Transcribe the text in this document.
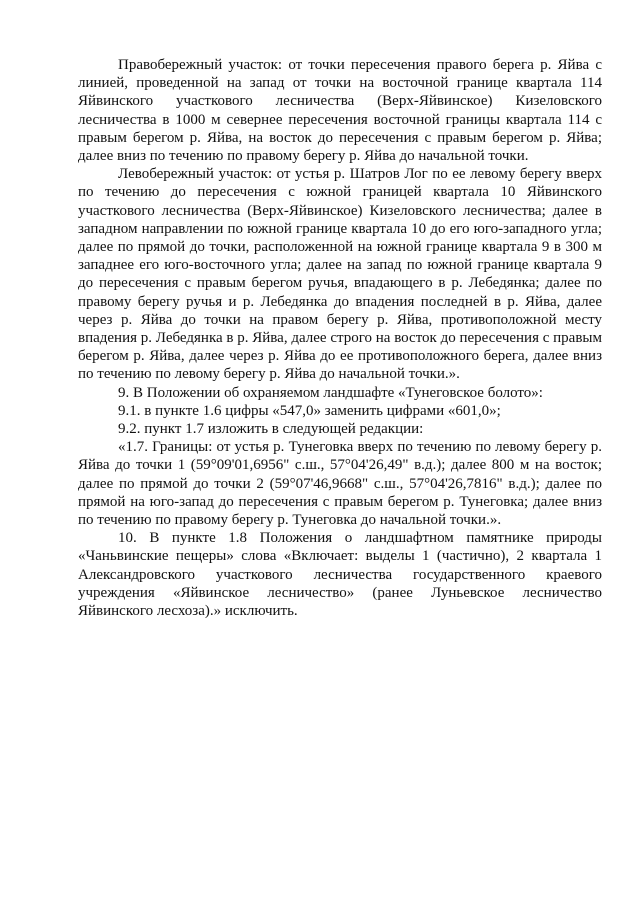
Правобережный участок: от точки пересечения правого берега р. Яйва с линией, проведенной на запад от точки на восточной границе квартала 114 Яйвинского участкового лесничества (Верх-Яйвинское) Кизеловского лесничества в 1000 м севернее пересечения восточной границы квартала 114 с правым берегом р. Яйва, на восток до пересечения с правым берегом р. Яйва; далее вниз по течению по правому берегу р. Яйва до начальной точки.

Левобережный участок: от устья р. Шатров Лог по ее левому берегу вверх по течению до пересечения с южной границей квартала 10 Яйвинского участкового лесничества (Верх-Яйвинское) Кизеловского лесничества; далее в западном направлении по южной границе квартала 10 до его юго-западного угла; далее по прямой до точки, расположенной на южной границе квартала 9 в 300 м западнее его юго-восточного угла; далее на запад по южной границе квартала 9 до пересечения с правым берегом ручья, впадающего в р. Лебедянка; далее по правому берегу ручья и р. Лебедянка до впадения последней в р. Яйва, далее через р. Яйва до точки на правом берегу р. Яйва, противоположной месту впадения р. Лебедянка в р. Яйва, далее строго на восток до пересечения с правым берегом р. Яйва, далее через р. Яйва до ее противоположного берега, далее вниз по течению по левому берегу р. Яйва до начальной точки.».

9. В Положении об охраняемом ландшафте «Тунеговское болото»:

9.1. в пункте 1.6 цифры «547,0» заменить цифрами «601,0»;

9.2. пункт 1.7 изложить в следующей редакции:

«1.7. Границы: от устья р. Тунеговка вверх по течению по левому берегу р. Яйва до точки 1 (59°09'01,6956" с.ш., 57°04'26,49" в.д.); далее 800 м на восток; далее по прямой до точки 2 (59°07'46,9668" с.ш., 57°04'26,7816" в.д.); далее по прямой на юго-запад до пересечения с правым берегом р. Тунеговка; далее вниз по течению по правому берегу р. Тунеговка до начальной точки.».

10. В пункте 1.8 Положения о ландшафтном памятнике природы «Чаньвинские пещеры» слова «Включает: выделы 1 (частично), 2 квартала 1 Александровского участкового лесничества государственного краевого учреждения «Яйвинское лесничество» (ранее Луньевское лесничество Яйвинского лесхоза).» исключить.
